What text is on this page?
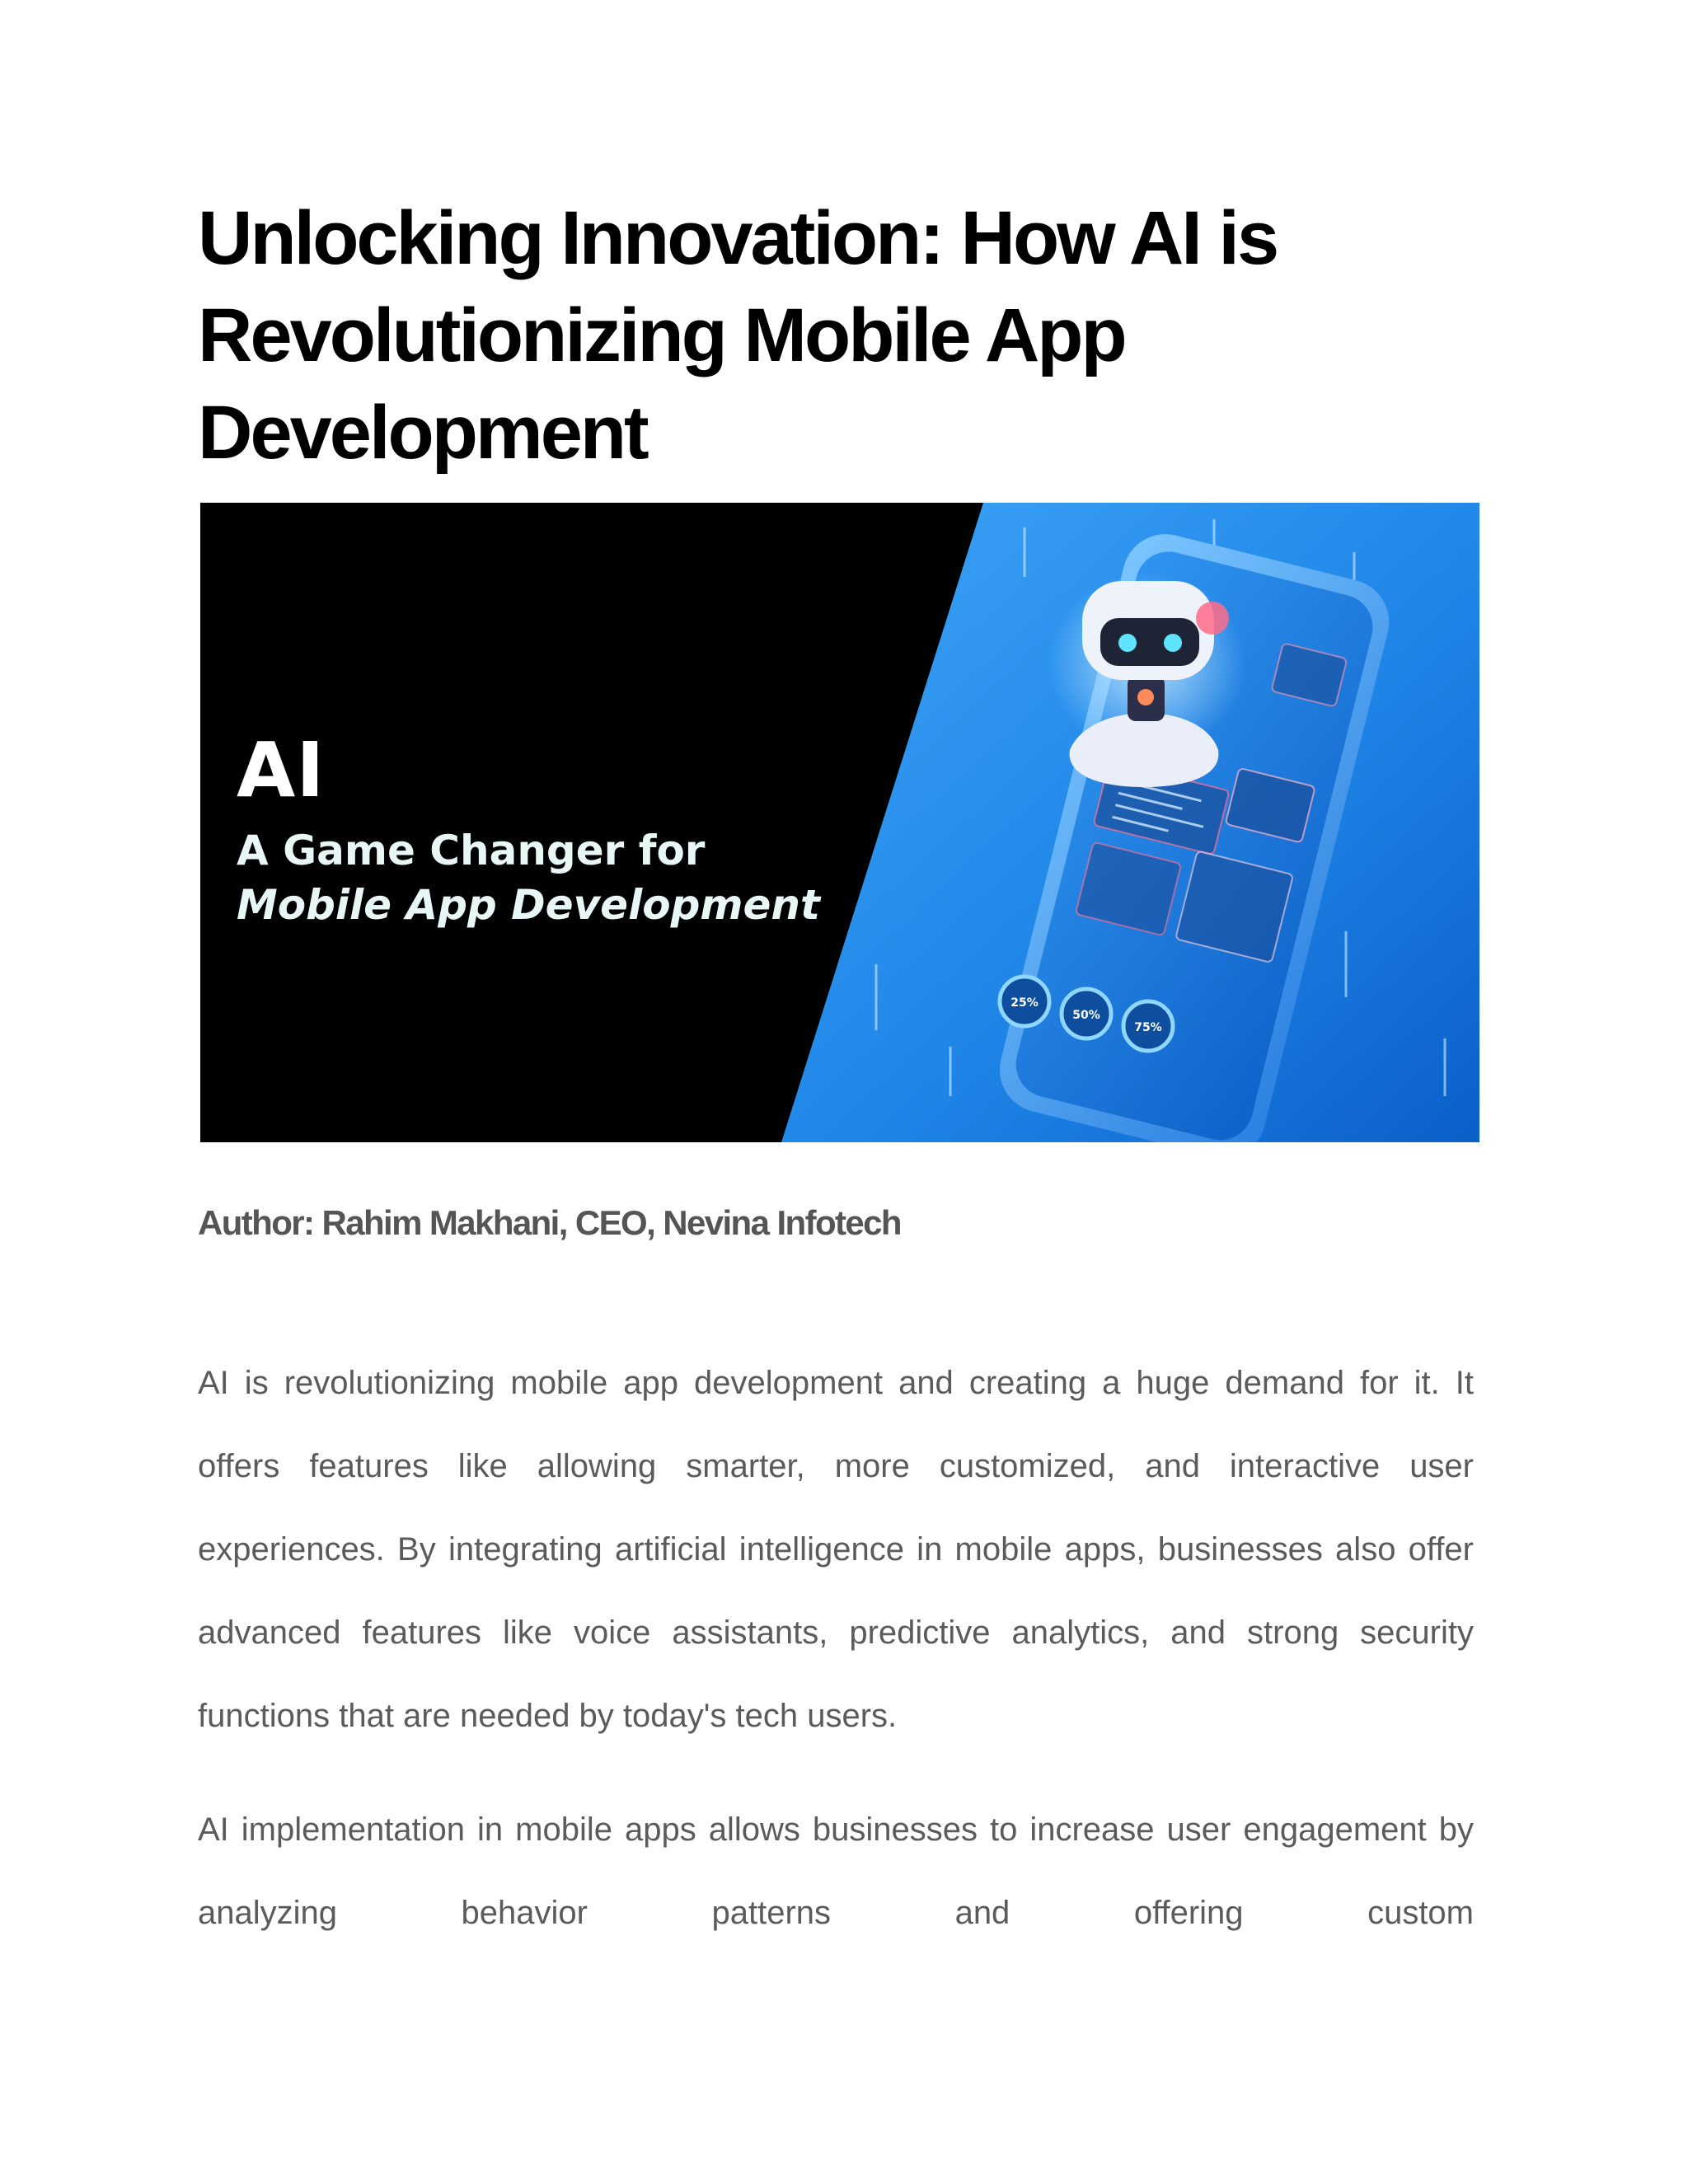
Unlocking Innovation: How AI is Revolutionizing Mobile App Development
25%
50%
75%
AI
A Game Changer for
Mobile App Development

Author: Rahim Makhani, CEO, Nevina Infotech

AI is revolutionizing mobile app development and creating a huge demand for it. It offers features like allowing smarter, more customized, and interactive user experiences. By integrating artificial intelligence in mobile apps, businesses also offer advanced features like voice assistants, predictive analytics, and strong security functions that are needed by today's tech users.

AI implementation in mobile apps allows businesses to increase user engagement by analyzing behavior patterns and offering custom
